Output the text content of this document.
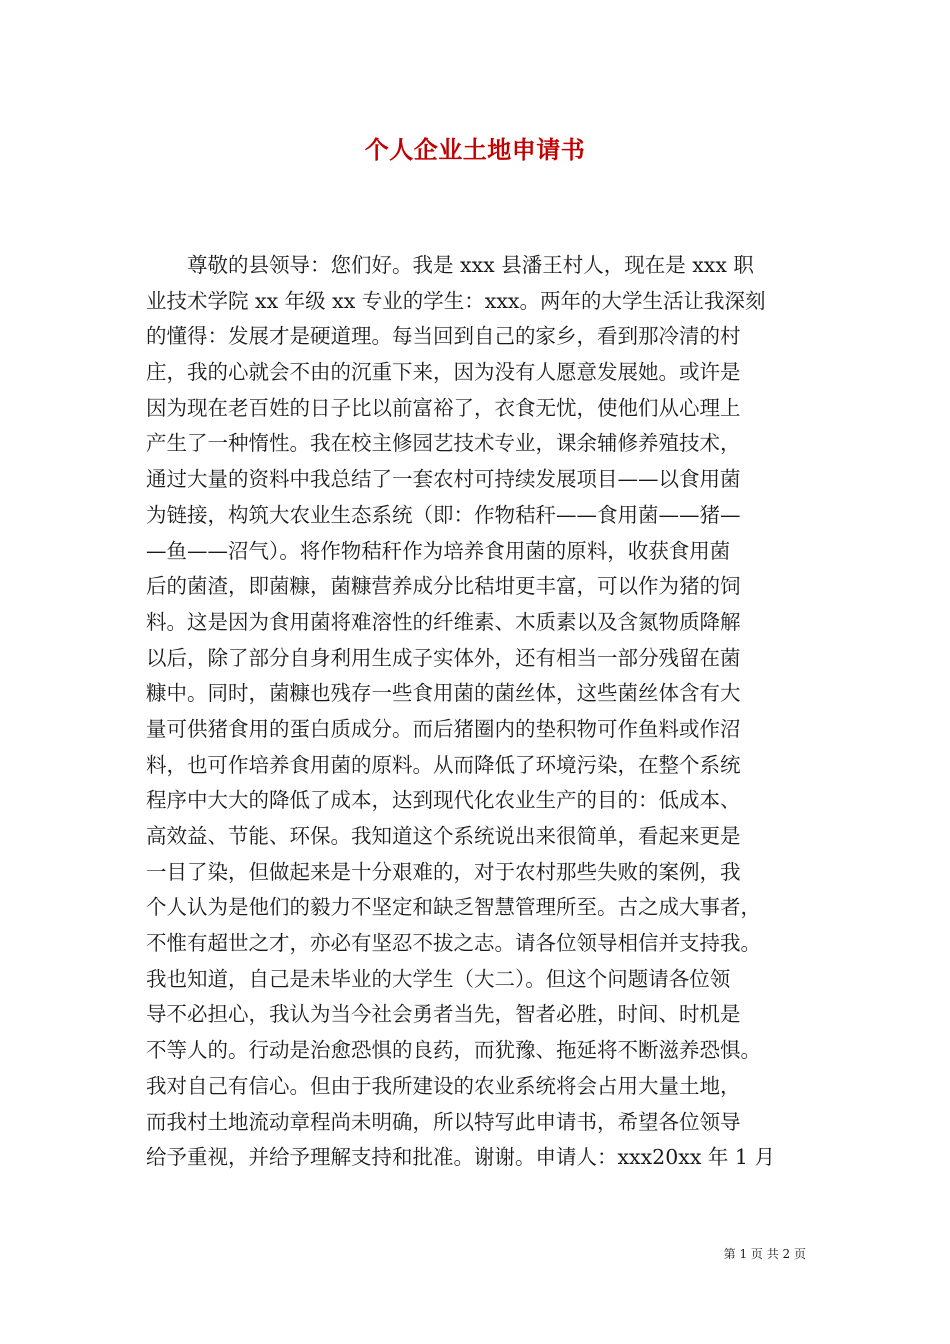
个人企业土地申请书
尊敬的县领导：您们好。我是 xxx 县潘王村人，现在是 xxx 职
业技术学院 xx 年级 xx 专业的学生：xxx。两年的大学生活让我深刻
的懂得：发展才是硬道理。每当回到自己的家乡，看到那冷清的村
庄，我的心就会不由的沉重下来，因为没有人愿意发展她。或许是
因为现在老百姓的日子比以前富裕了，衣食无忧，使他们从心理上
产生了一种惰性。我在校主修园艺技术专业，课余辅修养殖技术，
通过大量的资料中我总结了一套农村可持续发展项目——以食用菌
为链接，构筑大农业生态系统（即：作物秸秆——食用菌——猪—
—鱼——沼气）。将作物秸秆作为培养食用菌的原料，收获食用菌
后的菌渣，即菌糠，菌糠营养成分比秸坩更丰富，可以作为猪的饲
料。这是因为食用菌将难溶性的纤维素、木质素以及含氮物质降解
以后，除了部分自身利用生成子实体外，还有相当一部分残留在菌
糠中。同时，菌糠也残存一些食用菌的菌丝体，这些菌丝体含有大
量可供猪食用的蛋白质成分。而后猪圈内的垫积物可作鱼料或作沼
料，也可作培养食用菌的原料。从而降低了环境污染，在整个系统
程序中大大的降低了成本，达到现代化农业生产的目的：低成本、
高效益、节能、环保。我知道这个系统说出来很简单，看起来更是
一目了染，但做起来是十分艰难的，对于农村那些失败的案例，我
个人认为是他们的毅力不坚定和缺乏智慧管理所至。古之成大事者，
不惟有超世之才，亦必有坚忍不拔之志。请各位领导相信并支持我。
我也知道，自己是未毕业的大学生（大二）。但这个问题请各位领
导不必担心，我认为当今社会勇者当先，智者必胜，时间、时机是
不等人的。行动是治愈恐惧的良药，而犹豫、拖延将不断滋养恐惧。
我对自己有信心。但由于我所建设的农业系统将会占用大量土地，
而我村土地流动章程尚未明确，所以特写此申请书，希望各位领导
给予重视，并给予理解支持和批准。谢谢。申请人：xxx20xx 年 1 月
第 1 页 共 2 页
